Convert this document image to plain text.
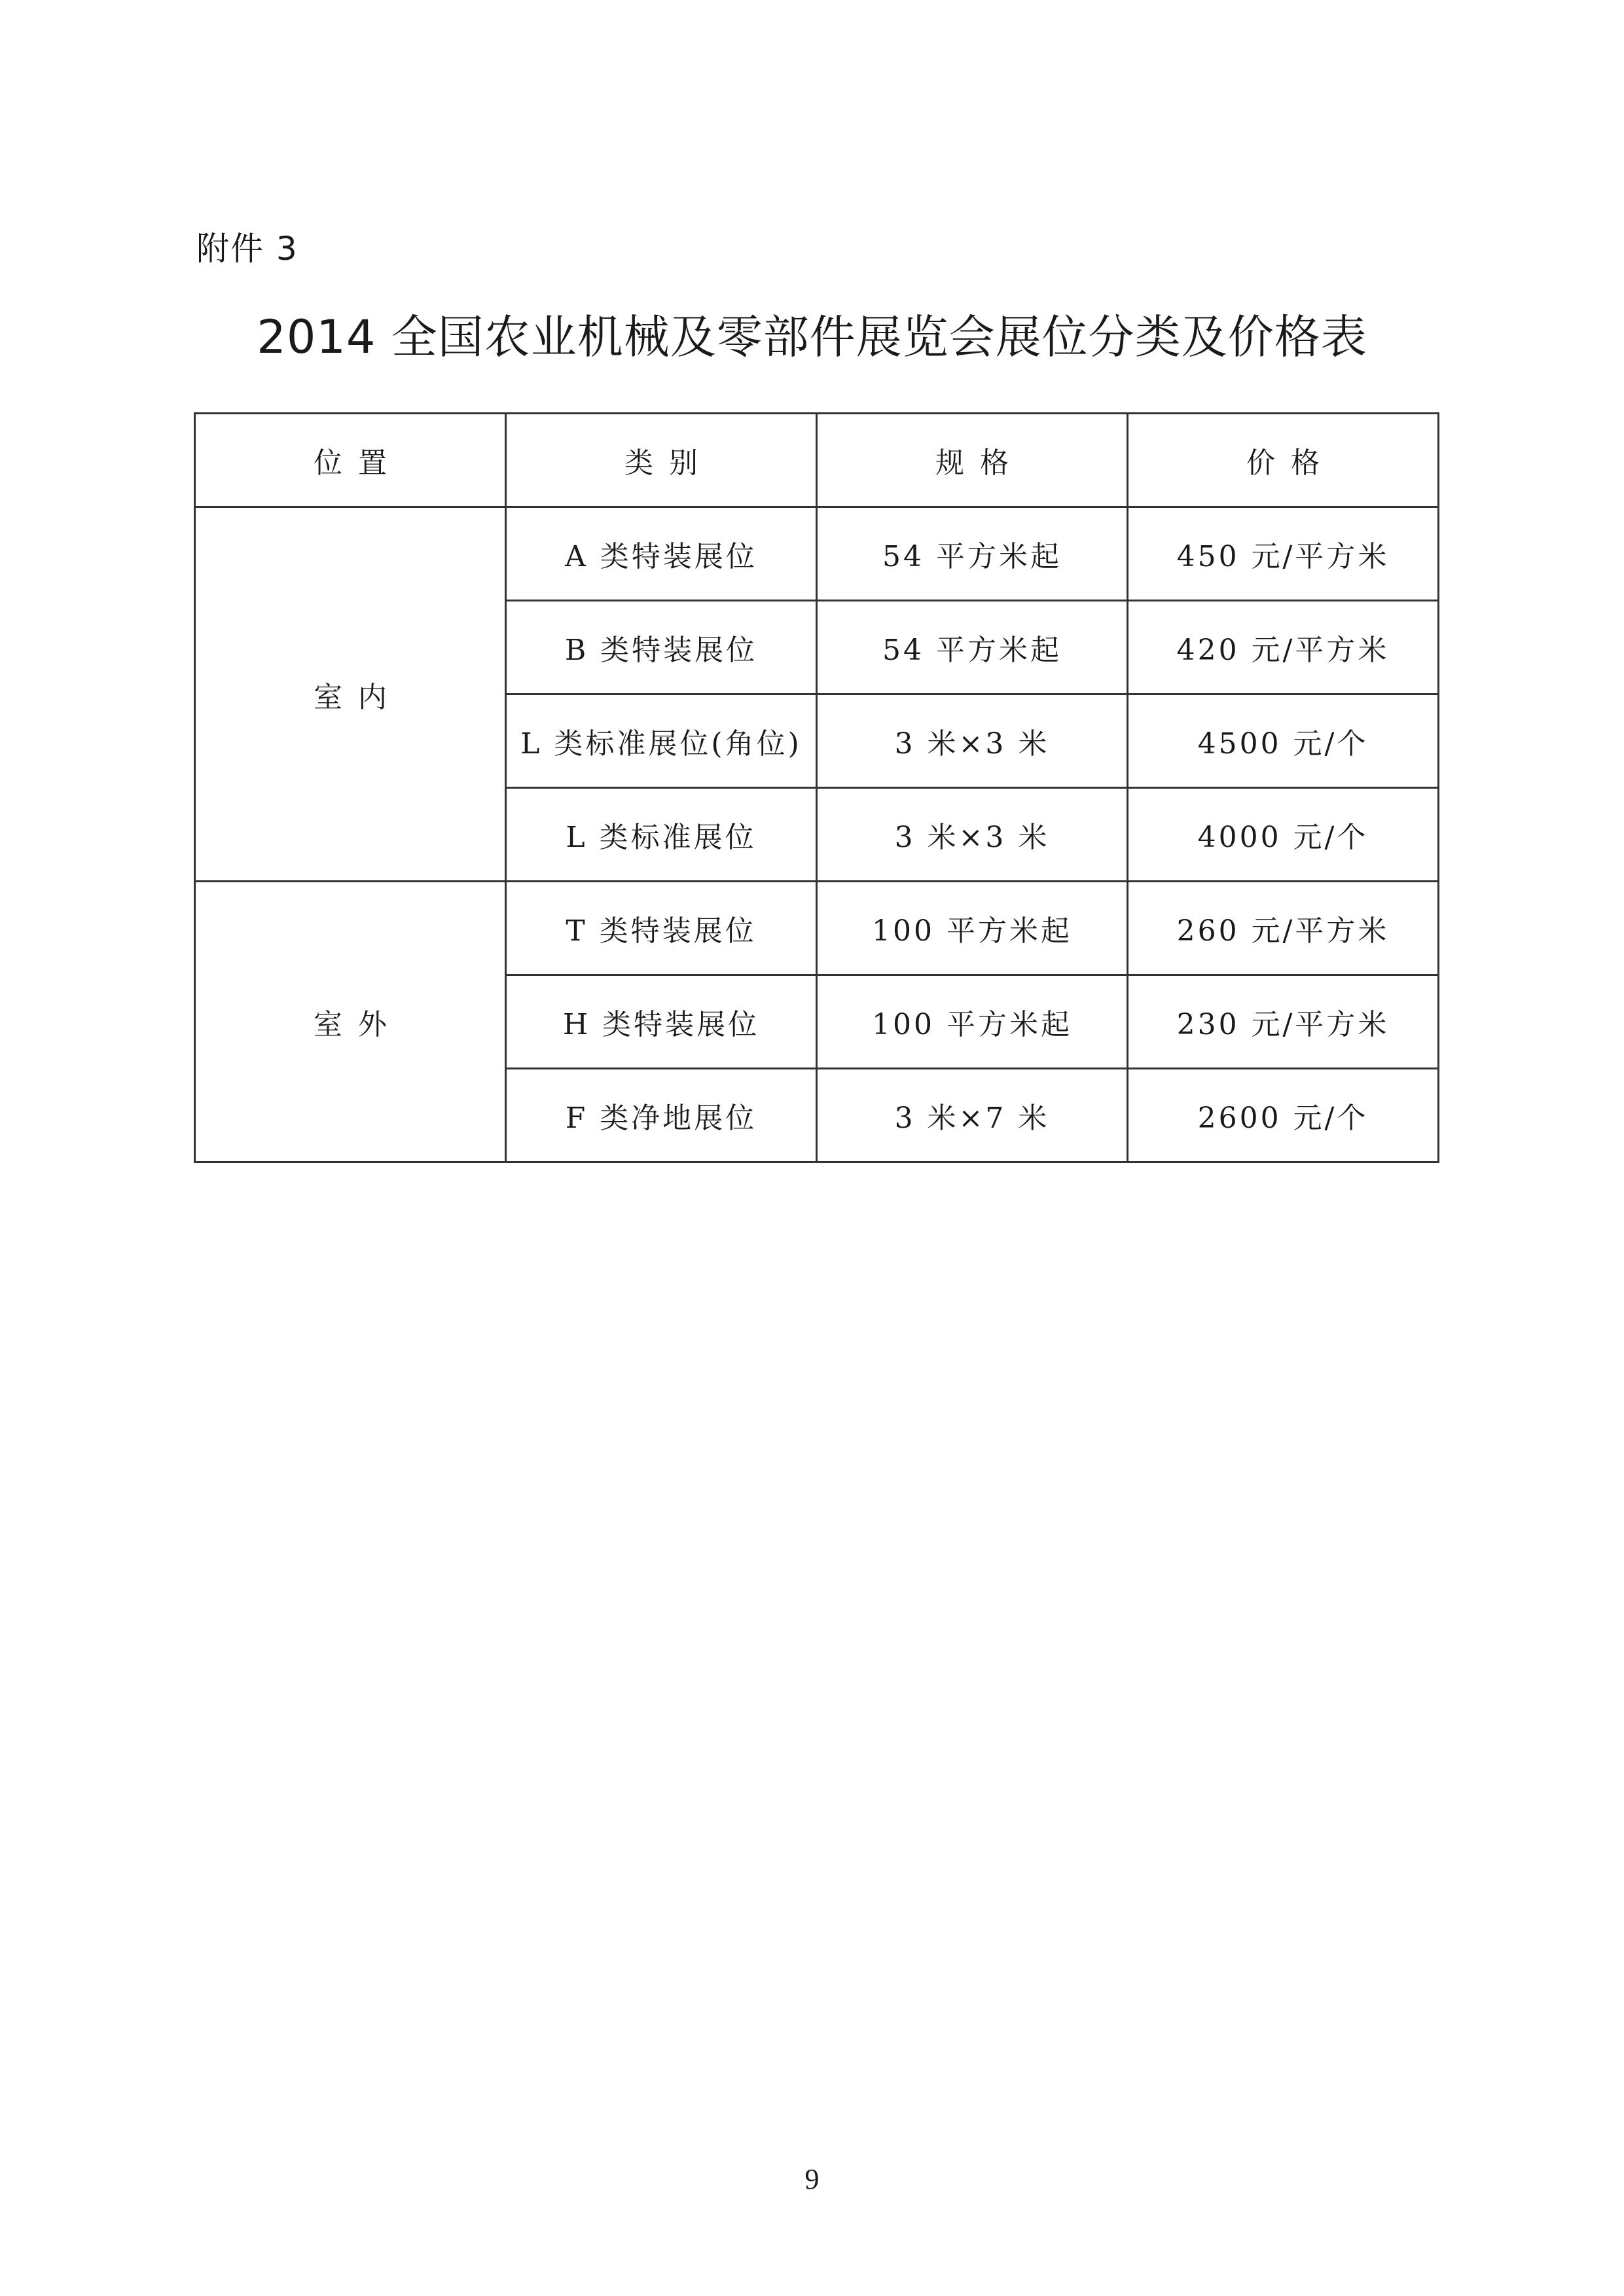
附件 3
2014 全国农业机械及零部件展览会展位分类及价格表
位置	类别	规格	价格
室内	A 类特装展位	54 平方米起	450 元/平方米
	B 类特装展位	54 平方米起	420 元/平方米
	L 类标准展位(角位)	3 米×3 米	4500 元/个
	L 类标准展位	3 米×3 米	4000 元/个
室外	T 类特装展位	100 平方米起	260 元/平方米
	H 类特装展位	100 平方米起	230 元/平方米
	F 类净地展位	3 米×7 米	2600 元/个
9
